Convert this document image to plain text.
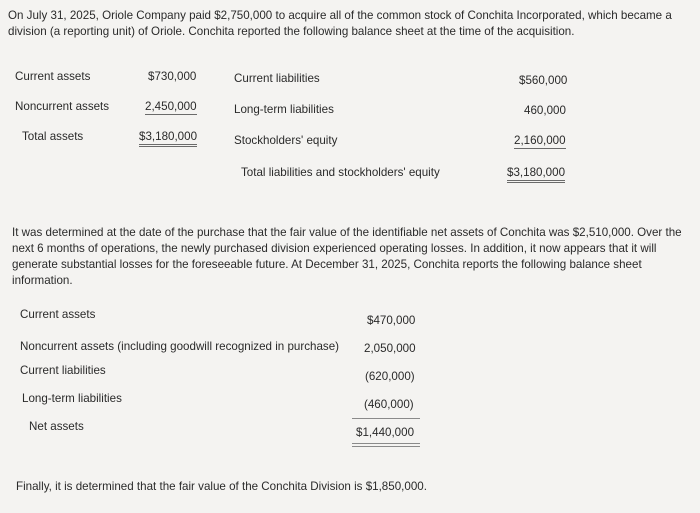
On July 31, 2025, Oriole Company paid $2,750,000 to acquire all of the common stock of Conchita Incorporated, which became a division (a reporting unit) of Oriole. Conchita reported the following balance sheet at the time of the acquisition.
Current assets	$730,000
Noncurrent assets	2,450,000
Total assets	$3,180,000
Current liabilities	$560,000
Long-term liabilities	460,000
Stockholders' equity	2,160,000
Total liabilities and stockholders' equity	$3,180,000
It was determined at the date of the purchase that the fair value of the identifiable net assets of Conchita was $2,510,000. Over the next 6 months of operations, the newly purchased division experienced operating losses. In addition, it now appears that it will generate substantial losses for the foreseeable future. At December 31, 2025, Conchita reports the following balance sheet information.
Current assets	$470,000
Noncurrent assets (including goodwill recognized in purchase) 2,050,000
Current liabilities	(620,000)
Long-term liabilities	(460,000)
Net assets	$1,440,000
Finally, it is determined that the fair value of the Conchita Division is $1,850,000.
